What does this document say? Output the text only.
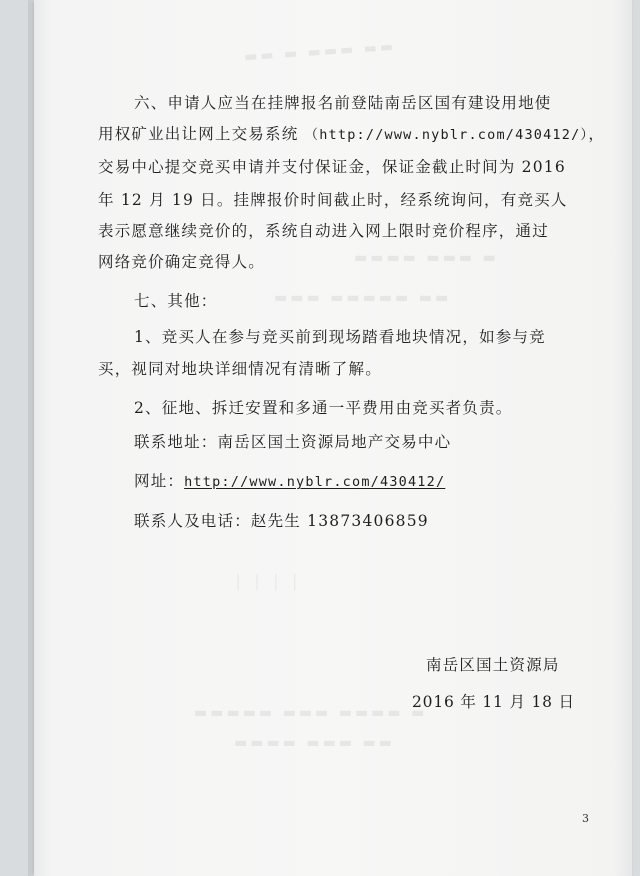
▬▬ ▬ ▬▬▬ ▬▬
▬▬▬▬ ▬▬▬ ▬
▬▬▬ ▬▬▬▬▬ ▬▬
│ │ │ │
▬▬▬▬▬ ▬▬▬ ▬▬▬▬ ▬
▬▬▬▬ ▬▬▬ ▬▬
六、申请人应当在挂牌报名前登陆南岳区国有建设用地使
用权矿业出让网上交易系统 （http://www.nyblr.com/430412/），
交易中心提交竞买申请并支付保证金，保证金截止时间为 2016
年 12 月 19 日。挂牌报价时间截止时，经系统询问，有竞买人
表示愿意继续竞价的，系统自动进入网上限时竞价程序，通过
网络竞价确定竞得人。
七、其他：
1、竞买人在参与竞买前到现场踏看地块情况，如参与竞
买，视同对地块详细情况有清晰了解。
2、征地、拆迁安置和多通一平费用由竞买者负责。
联系地址：南岳区国土资源局地产交易中心
网址：http://www.nyblr.com/430412/
联系人及电话：赵先生 13873406859
南岳区国土资源局
2016 年 11 月 18 日
3
